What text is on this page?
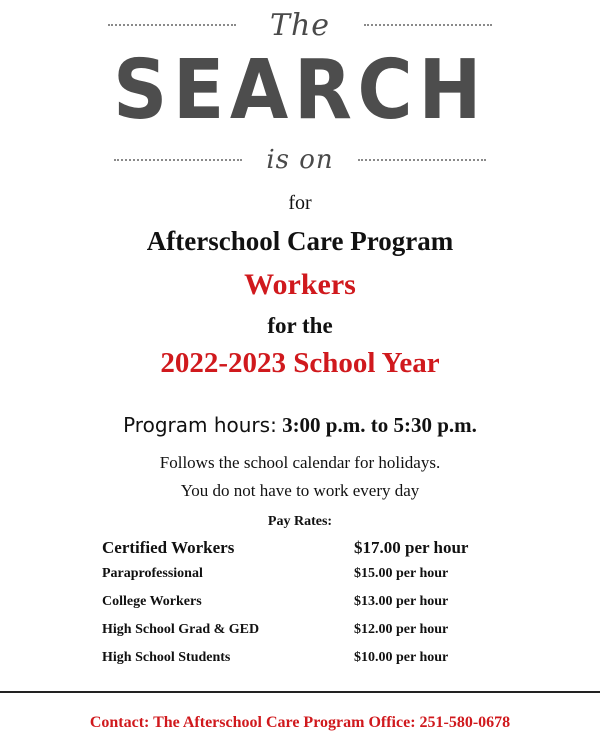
The
SEARCH
is on
for
Afterschool Care Program
Workers
for the
2022-2023 School Year
Program hours: 3:00 p.m. to 5:30 p.m.
Follows the school calendar for holidays.
You do not have to work every day
Pay Rates:
Certified Workers	$17.00 per hour
Paraprofessional	$15.00 per hour
College Workers	$13.00 per hour
High School Grad & GED	$12.00 per hour
High School Students	$10.00 per hour
Contact: The Afterschool Care Program Office: 251-580-0678
